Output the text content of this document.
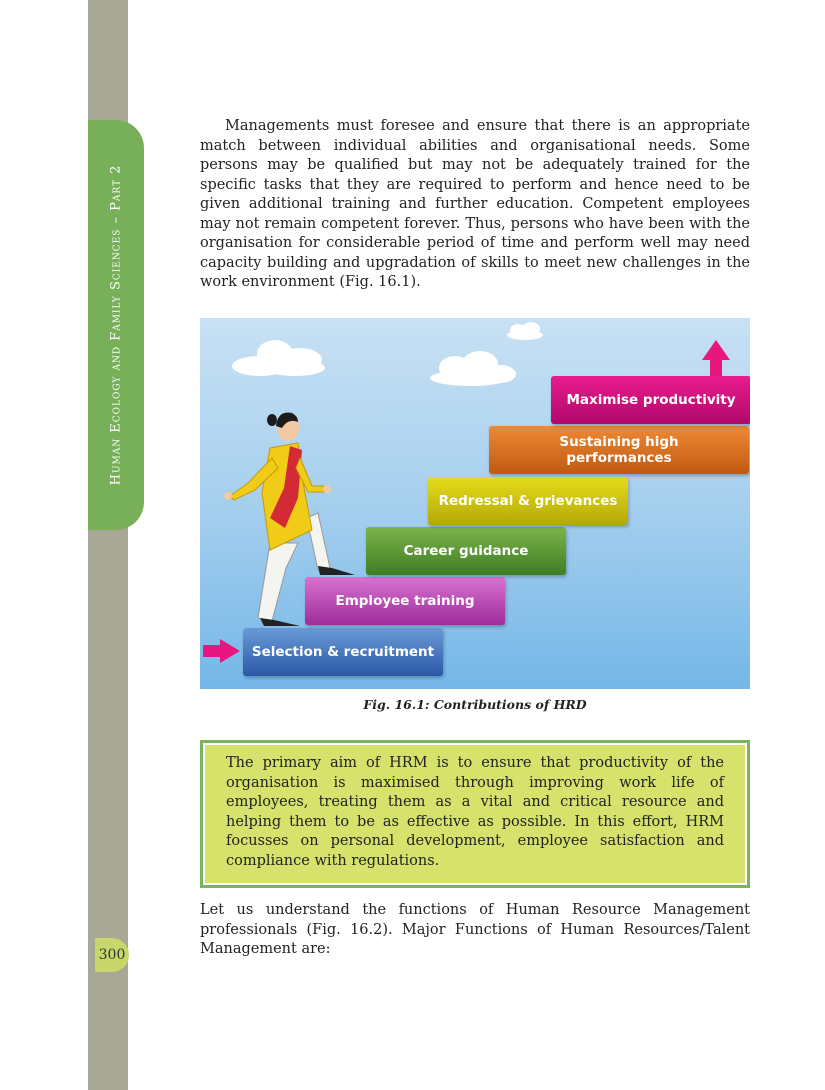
Human Ecology and Family Sciences – Part 2
300

Managements must foresee and ensure that there is an appropriate match between individual abilities and organisational needs. Some persons may be qualified but may not be adequately trained for the specific tasks that they are required to perform and hence need to be given additional training and further education. Competent employees may not remain competent forever. Thus, persons who have been with the organisation for considerable period of time and perform well may need capacity building and upgradation of skills to meet new challenges in the work environment (Fig. 16.1).

Selection & recruitment
Employee training
Career guidance
Redressal & grievances
Sustaining high performances
Maximise productivity
Fig. 16.1: Contributions of HRD
The primary aim of HRM is to ensure that productivity of the organisation is maximised through improving work life of employees, treating them as a vital and critical resource and helping them to be as effective as possible. In this effort, HRM focusses on personal development, employee satisfaction and compliance with regulations.

Let us understand the functions of Human Resource Management professionals (Fig. 16.2). Major Functions of Human Resources/Talent Management are:
